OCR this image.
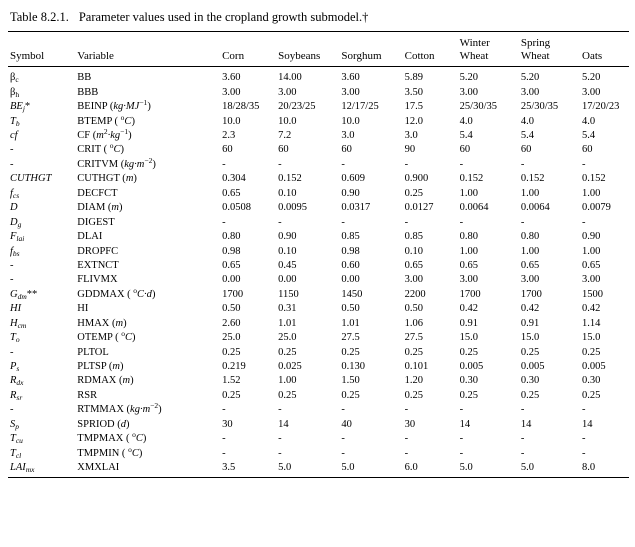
Table 8.2.1. Parameter values used in the cropland growth submodel.†
						Winter	Spring	
Symbol	Variable	Corn	Soybeans	Sorghum	Cotton	Wheat	Wheat	Oats
$\beta_c$	BB	3.60	14.00	3.60	5.89	5.20	5.20	5.20
$\beta_h$	BBB	3.00	3.00	3.00	3.50	3.00	3.00	3.00
$BE_j*$	BEINP $(kg\cdot MJ^{-1})$	18/28/35	20/23/25	12/17/25	17.5	25/30/35	25/30/35	17/20/23
$T_b$	BTEMP ( $^o$C)	10.0	10.0	10.0	12.0	4.0	4.0	4.0
cf	CF $(m^2\cdot kg^{-1})$	2.3	7.2	3.0	3.0	5.4	5.4	5.4
-	CRIT ( $^o$C)	60	60	60	90	60	60	60
-	CRITVM $(kg\cdot m^{-2})$	-	-	-	-	-	-	-
CUTHGT	CUTHGT (m)	0.304	0.152	0.609	0.900	0.152	0.152	0.152
$f_{cs}$	DECFCT	0.65	0.10	0.90	0.25	1.00	1.00	1.00
D	DIAM (m)	0.0508	0.0095	0.0317	0.0127	0.0064	0.0064	0.0079
$D_g$	DIGEST	-	-	-	-	-	-	-
$F_{lai}$	DLAI	0.80	0.90	0.85	0.85	0.80	0.80	0.90
$f_{bs}$	DROPFC	0.98	0.10	0.98	0.10	1.00	1.00	1.00
-	EXTNCT	0.65	0.45	0.60	0.65	0.65	0.65	0.65
-	FLIVMX	0.00	0.00	0.00	3.00	3.00	3.00	3.00
$G_{dm}**$	GDDMAX ( $^o$C·d)	1700	1150	1450	2200	1700	1700	1500
HI	HI	0.50	0.31	0.50	0.50	0.42	0.42	0.42
$H_{cm}$	HMAX (m)	2.60	1.01	1.01	1.06	0.91	0.91	1.14
$T_o$	OTEMP ( $^o$C)	25.0	25.0	27.5	27.5	15.0	15.0	15.0
-	PLTOL	0.25	0.25	0.25	0.25	0.25	0.25	0.25
$P_s$	PLTSP (m)	0.219	0.025	0.130	0.101	0.005	0.005	0.005
$R_{dx}$	RDMAX (m)	1.52	1.00	1.50	1.20	0.30	0.30	0.30
$R_{sr}$	RSR	0.25	0.25	0.25	0.25	0.25	0.25	0.25
-	RTMMAX $(kg\cdot m^{-2})$	-	-	-	-	-	-	-
$S_p$	SPRIOD (d)	30	14	40	30	14	14	14
$T_{cu}$	TMPMAX ( $^o$C)	-	-	-	-	-	-	-
$T_{cl}$	TMPMIN ( $^o$C)	-	-	-	-	-	-	-
$LAI_{mx}$	XMXLAI	3.5	5.0	5.0	6.0	5.0	5.0	8.0
